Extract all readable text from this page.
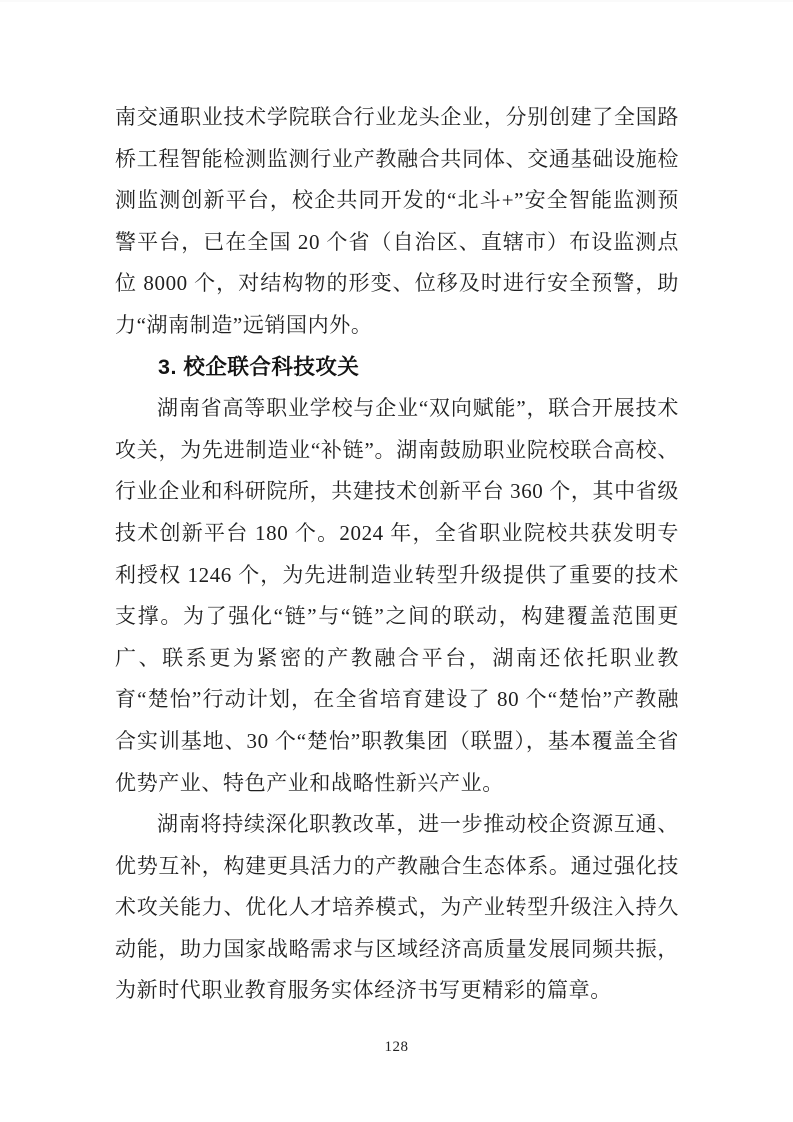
南交通职业技术学院联合行业龙头企业，分别创建了全国路桥工程智能检测监测行业产教融合共同体、交通基础设施检测监测创新平台，校企共同开发的“北斗+”安全智能监测预警平台，已在全国 20 个省（自治区、直辖市）布设监测点位 8000 个，对结构物的形变、位移及时进行安全预警，助力“湖南制造”远销国内外。

3. 校企联合科技攻关

湖南省高等职业学校与企业“双向赋能”，联合开展技术攻关，为先进制造业“补链”。湖南鼓励职业院校联合高校、行业企业和科研院所，共建技术创新平台 360 个，其中省级技术创新平台 180 个。2024 年，全省职业院校共获发明专利授权 1246 个，为先进制造业转型升级提供了重要的技术支撑。为了强化“链”与“链”之间的联动，构建覆盖范围更广、联系更为紧密的产教融合平台，湖南还依托职业教育“楚怡”行动计划，在全省培育建设了 80 个“楚怡”产教融合实训基地、30 个“楚怡”职教集团（联盟），基本覆盖全省优势产业、特色产业和战略性新兴产业。

湖南将持续深化职教改革，进一步推动校企资源互通、优势互补，构建更具活力的产教融合生态体系。通过强化技术攻关能力、优化人才培养模式，为产业转型升级注入持久动能，助力国家战略需求与区域经济高质量发展同频共振，为新时代职业教育服务实体经济书写更精彩的篇章。

128
